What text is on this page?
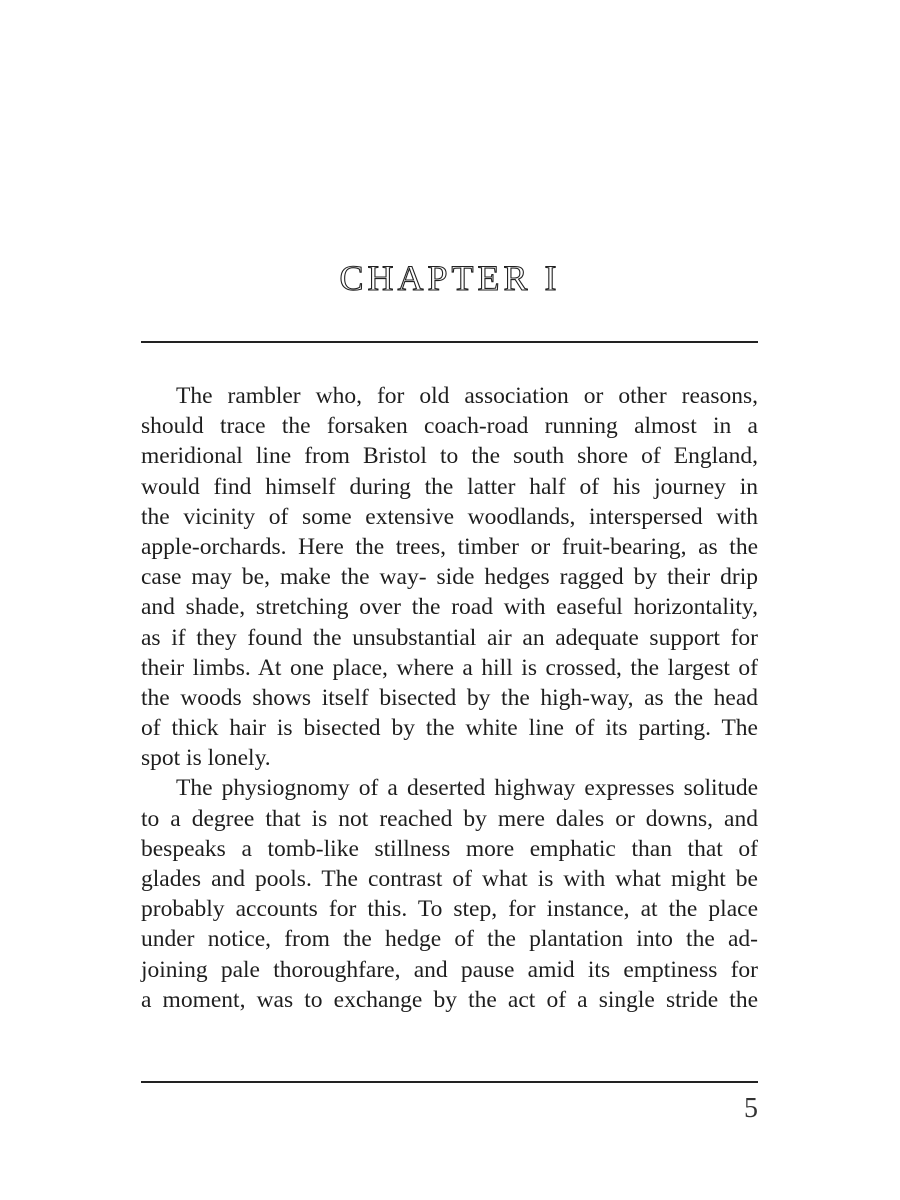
CHAPTER I
The rambler who, for old association or other reasons,
should trace the forsaken coach-road running almost in a
meridional line from Bristol to the south shore of England,
would find himself during the latter half of his journey in
the vicinity of some extensive woodlands, interspersed with
apple-orchards. Here the trees, timber or fruit-bearing, as the
case may be, make the way- side hedges ragged by their drip
and shade, stretching over the road with easeful horizontality,
as if they found the unsubstantial air an adequate support for
their limbs. At one place, where a hill is crossed, the largest of
the woods shows itself bisected by the high-way, as the head
of thick hair is bisected by the white line of its parting. The
spot is lonely.
The physiognomy of a deserted highway expresses solitude
to a degree that is not reached by mere dales or downs, and
bespeaks a tomb-like stillness more emphatic than that of
glades and pools. The contrast of what is with what might be
probably accounts for this. To step, for instance, at the place
under notice, from the hedge of the plantation into the ad-
joining pale thoroughfare, and pause amid its emptiness for
a moment, was to exchange by the act of a single stride the
5
